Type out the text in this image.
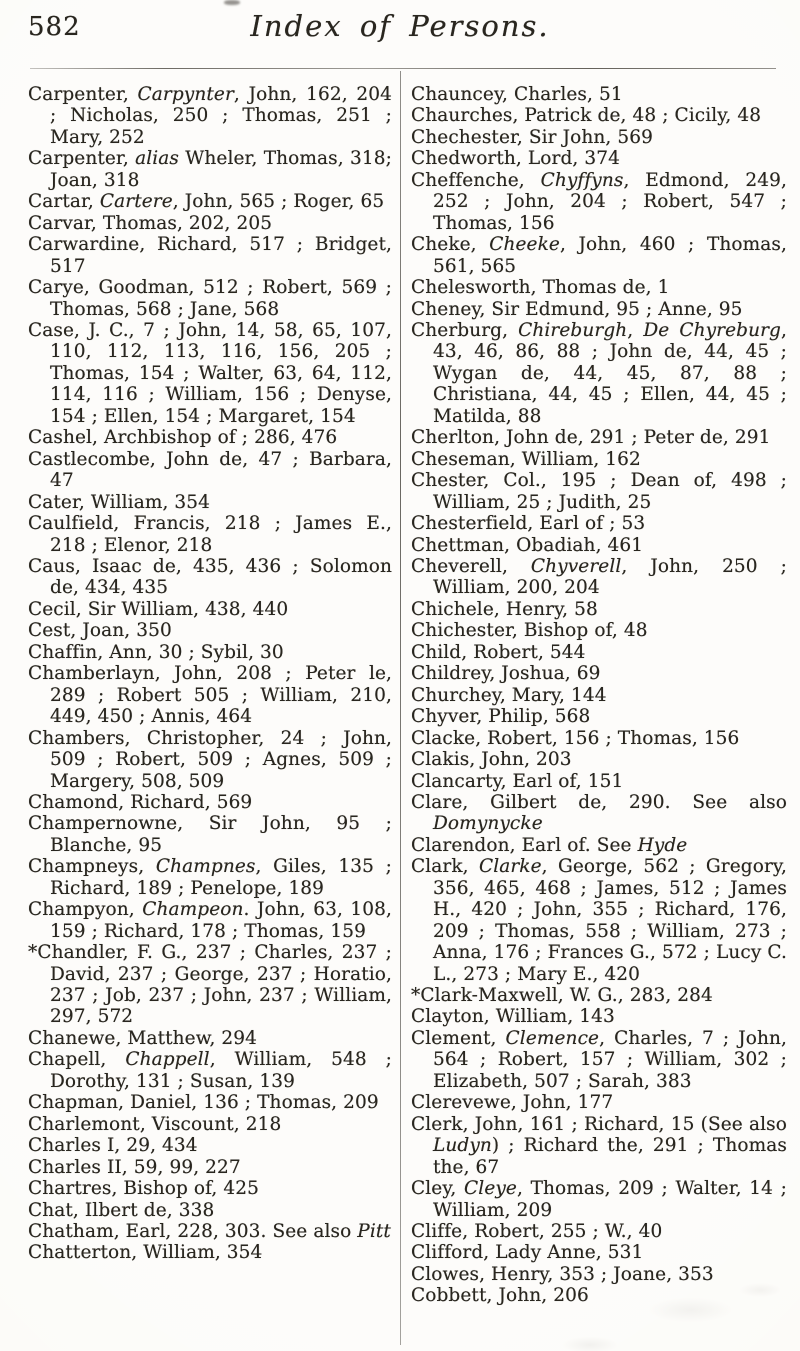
582	Index of Persons.

Carpenter, Carpynter, John, 162, 204 ; Nicholas, 250 ; Thomas, 251 ; Mary, 252

Carpenter, alias Wheler, Thomas, 318; Joan, 318

Cartar, Cartere, John, 565 ; Roger, 65

Carvar, Thomas, 202, 205

Carwardine, Richard, 517 ; Bridget, 517

Carye, Goodman, 512 ; Robert, 569 ; Thomas, 568 ; Jane, 568

Case, J. C., 7 ; John, 14, 58, 65, 107, 110, 112, 113, 116, 156, 205 ; Thomas, 154 ; Walter, 63, 64, 112, 114, 116 ; William, 156 ; Denyse, 154 ; Ellen, 154 ; Margaret, 154

Cashel, Archbishop of ; 286, 476

Castlecombe, John de, 47 ; Barbara, 47

Cater, William, 354

Caulfield, Francis, 218 ; James E., 218 ; Elenor, 218

Caus, Isaac de, 435, 436 ; Solomon de, 434, 435

Cecil, Sir William, 438, 440

Cest, Joan, 350

Chaffin, Ann, 30 ; Sybil, 30

Chamberlayn, John, 208 ; Peter le, 289 ; Robert 505 ; William, 210, 449, 450 ; Annis, 464

Chambers, Christopher, 24 ; John, 509 ; Robert, 509 ; Agnes, 509 ; Margery, 508, 509

Chamond, Richard, 569

Champernowne, Sir John, 95 ; Blanche, 95

Champneys, Champnes, Giles, 135 ; Richard, 189 ; Penelope, 189

Champyon, Champeon. John, 63, 108, 159 ; Richard, 178 ; Thomas, 159

*Chandler, F. G., 237 ; Charles, 237 ; David, 237 ; George, 237 ; Horatio, 237 ; Job, 237 ; John, 237 ; William, 297, 572

Chanewe, Matthew, 294

Chapell, Chappell, William, 548 ; Dorothy, 131 ; Susan, 139

Chapman, Daniel, 136 ; Thomas, 209

Charlemont, Viscount, 218

Charles I, 29, 434

Charles II, 59, 99, 227

Chartres, Bishop of, 425

Chat, Ilbert de, 338

Chatham, Earl, 228, 303. See also Pitt

Chatterton, William, 354

Chauncey, Charles, 51

Chaurches, Patrick de, 48 ; Cicily, 48

Chechester, Sir John, 569

Chedworth, Lord, 374

Cheffenche, Chyffyns, Edmond, 249, 252 ; John, 204 ; Robert, 547 ; Thomas, 156

Cheke, Cheeke, John, 460 ; Thomas, 561, 565

Chelesworth, Thomas de, 1

Cheney, Sir Edmund, 95 ; Anne, 95

Cherburg, Chireburgh, De Chyreburg, 43, 46, 86, 88 ; John de, 44, 45 ; Wygan de, 44, 45, 87, 88 ; Christiana, 44, 45 ; Ellen, 44, 45 ; Matilda, 88

Cherlton, John de, 291 ; Peter de, 291

Cheseman, William, 162

Chester, Col., 195 ; Dean of, 498 ; William, 25 ; Judith, 25

Chesterfield, Earl of ; 53

Chettman, Obadiah, 461

Cheverell, Chyverell, John, 250 ; William, 200, 204

Chichele, Henry, 58

Chichester, Bishop of, 48

Child, Robert, 544

Childrey, Joshua, 69

Churchey, Mary, 144

Chyver, Philip, 568

Clacke, Robert, 156 ; Thomas, 156

Clakis, John, 203

Clancarty, Earl of, 151

Clare, Gilbert de, 290. See also Domynycke

Clarendon, Earl of. See Hyde

Clark, Clarke, George, 562 ; Gregory, 356, 465, 468 ; James, 512 ; James H., 420 ; John, 355 ; Richard, 176, 209 ; Thomas, 558 ; William, 273 ; Anna, 176 ; Frances G., 572 ; Lucy C. L., 273 ; Mary E., 420

*Clark-Maxwell, W. G., 283, 284

Clayton, William, 143

Clement, Clemence, Charles, 7 ; John, 564 ; Robert, 157 ; William, 302 ; Elizabeth, 507 ; Sarah, 383

Clerevewe, John, 177

Clerk, John, 161 ; Richard, 15 (See also Ludyn) ; Richard the, 291 ; Thomas the, 67

Cley, Cleye, Thomas, 209 ; Walter, 14 ; William, 209

Cliffe, Robert, 255 ; W., 40

Clifford, Lady Anne, 531

Clowes, Henry, 353 ; Joane, 353

Cobbett, John, 206
